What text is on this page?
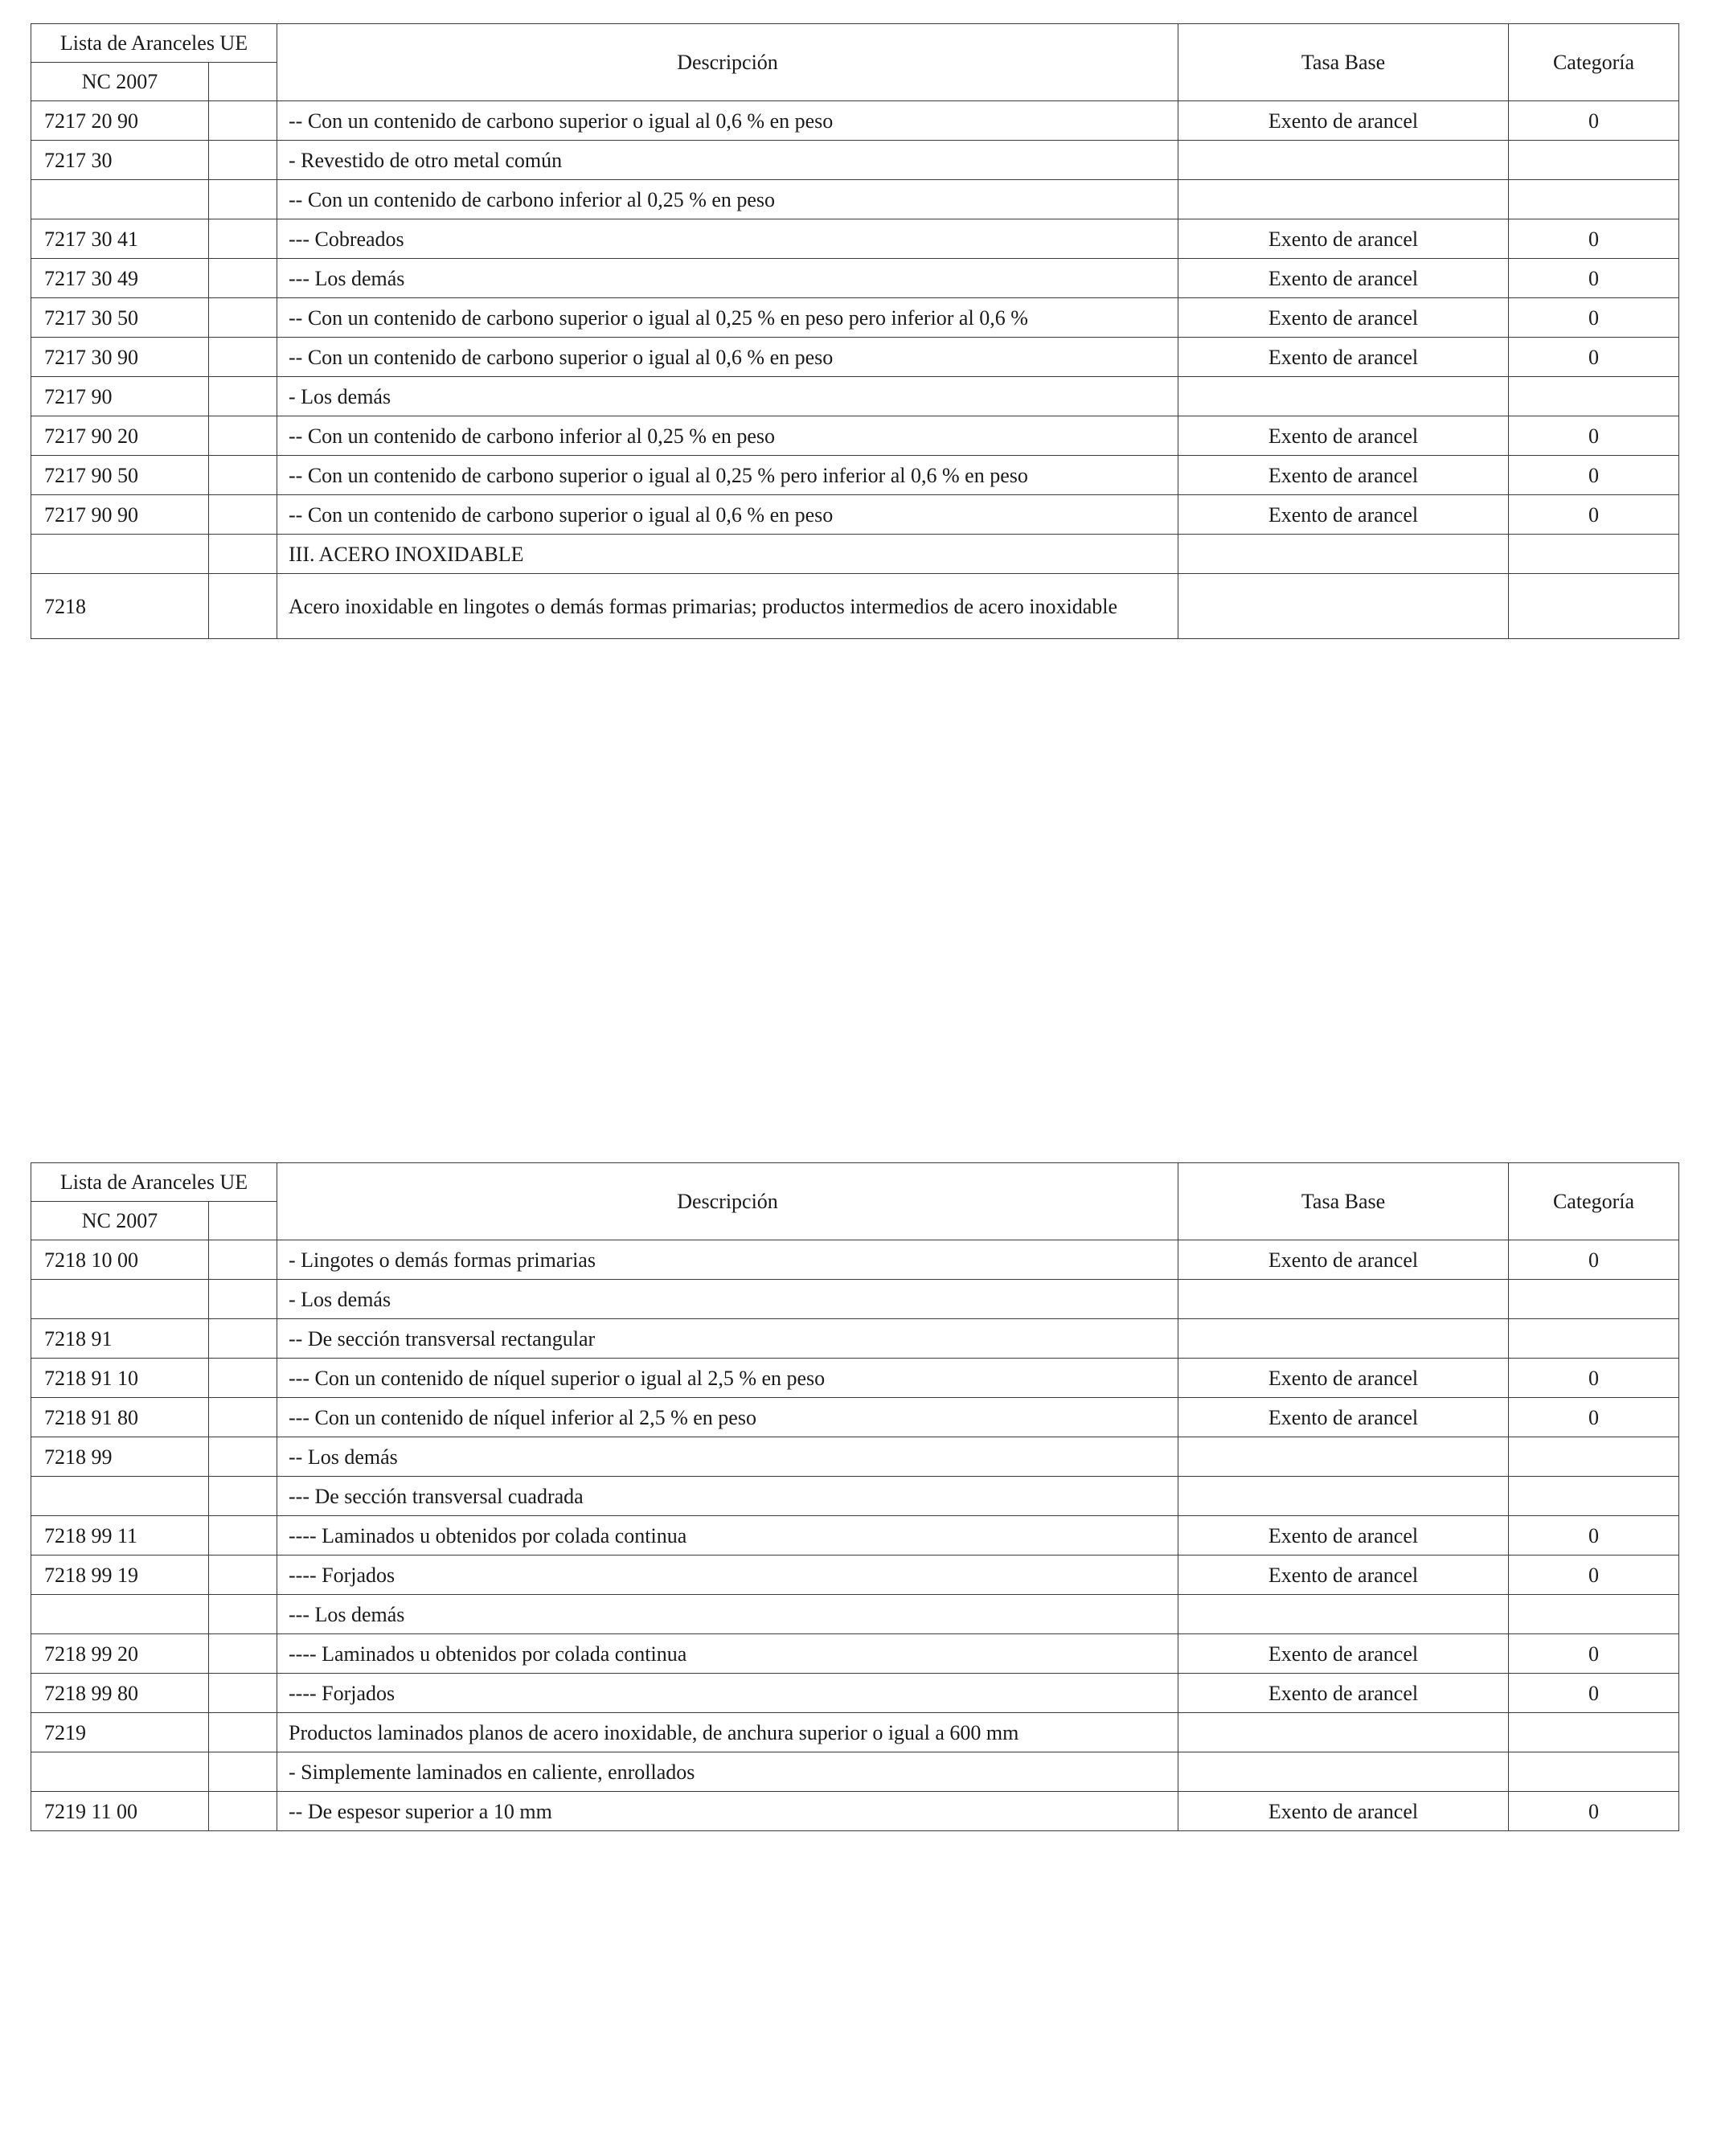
Lista de Aranceles UE		Descripción	Tasa Base	Categoría
NC 2007				
7217 20 90		-- Con un contenido de carbono superior o igual al 0,6 % en peso	Exento de arancel	0
7217 30		- Revestido de otro metal común		
		-- Con un contenido de carbono inferior al 0,25 % en peso		
7217 30 41		--- Cobreados	Exento de arancel	0
7217 30 49		--- Los demás	Exento de arancel	0
7217 30 50		-- Con un contenido de carbono superior o igual al 0,25 % en peso pero inferior al 0,6 %	Exento de arancel	0
7217 30 90		-- Con un contenido de carbono superior o igual al 0,6 % en peso	Exento de arancel	0
7217 90		- Los demás		
7217 90 20		-- Con un contenido de carbono inferior al 0,25 % en peso	Exento de arancel	0
7217 90 50		-- Con un contenido de carbono superior o igual al 0,25 % pero inferior al 0,6 % en peso	Exento de arancel	0
7217 90 90		-- Con un contenido de carbono superior o igual al 0,6 % en peso	Exento de arancel	0
		III. ACERO INOXIDABLE		
7218		Acero inoxidable en lingotes o demás formas primarias; productos intermedios de acero inoxidable		
Lista de Aranceles UE		Descripción	Tasa Base	Categoría
NC 2007				
7218 10 00		- Lingotes o demás formas primarias	Exento de arancel	0
		- Los demás		
7218 91		-- De sección transversal rectangular		
7218 91 10		--- Con un contenido de níquel superior o igual al 2,5 % en peso	Exento de arancel	0
7218 91 80		--- Con un contenido de níquel inferior al 2,5 % en peso	Exento de arancel	0
7218 99		-- Los demás		
		--- De sección transversal cuadrada		
7218 99 11		---- Laminados u obtenidos por colada continua	Exento de arancel	0
7218 99 19		---- Forjados	Exento de arancel	0
		--- Los demás		
7218 99 20		---- Laminados u obtenidos por colada continua	Exento de arancel	0
7218 99 80		---- Forjados	Exento de arancel	0
7219		Productos laminados planos de acero inoxidable, de anchura superior o igual a 600 mm		
		- Simplemente laminados en caliente, enrollados		
7219 11 00		-- De espesor superior a 10 mm	Exento de arancel	0
